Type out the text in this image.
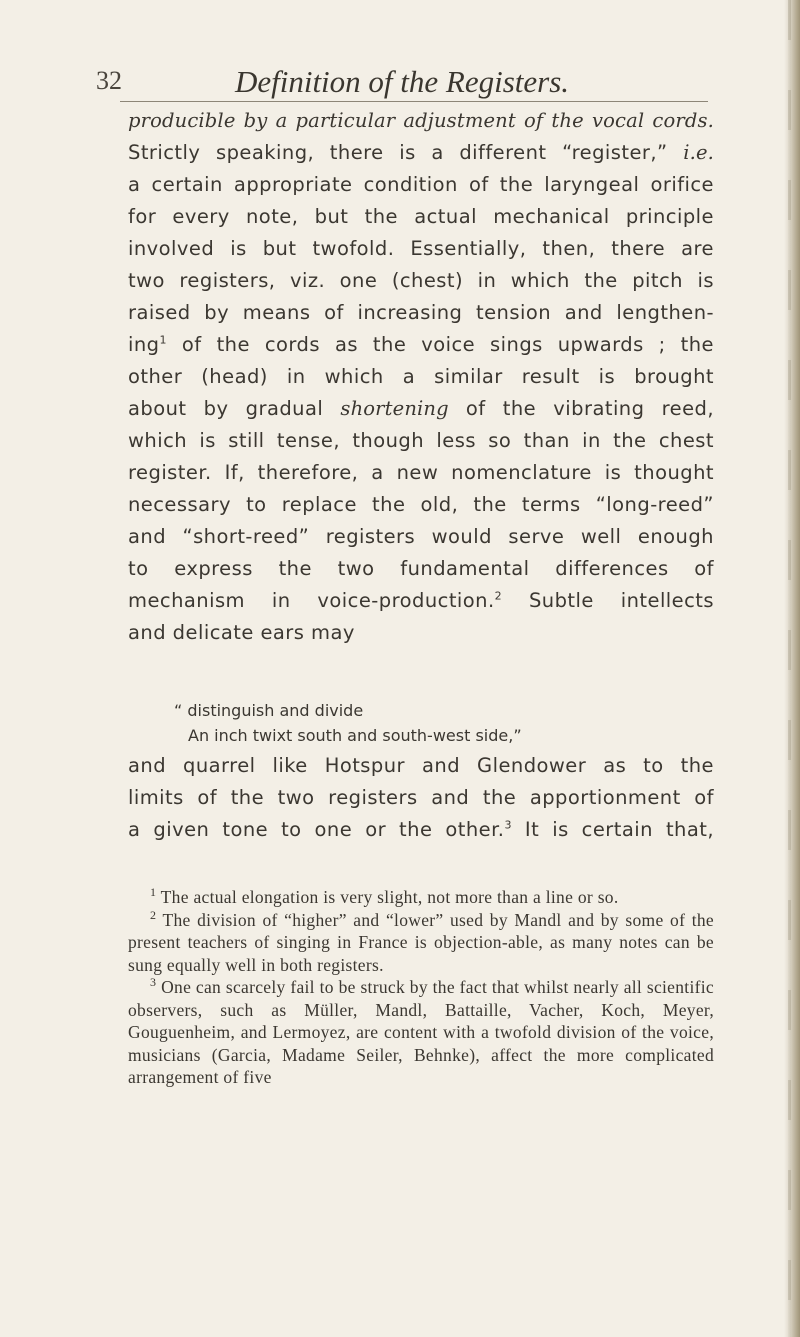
32	Definition of the Registers.

producible by a particular adjustment of the vocal cords.

Strictly speaking, there is a different “register,” i.e.

a certain appropriate condition of the laryngeal orifice

for every note, but the actual mechanical principle

involved is but twofold. Essentially, then, there are

two registers, viz. one (chest) in which the pitch is

raised by means of increasing tension and lengthen-

ing$^1$ of the cords as the voice sings upwards ; the

other (head) in which a similar result is brought

about by gradual shortening of the vibrating reed,

which is still tense, though less so than in the chest

register. If, therefore, a new nomenclature is thought

necessary to replace the old, the terms “long-reed”

and “short-reed” registers would serve well enough

to express the two fundamental differences of

mechanism in voice-production.$^2$ Subtle intellects

and delicate ears may

“ distinguish and divide
An inch twixt south and south-west side,”

and quarrel like Hotspur and Glendower as to the

limits of the two registers and the apportionment of

a given tone to one or the other.$^3$ It is certain that,

$^1$ The actual elongation is very slight, not more than a line or so.

$^2$ The division of “higher” and “lower” used by Mandl and by some of the present teachers of singing in France is objection-able, as many notes can be sung equally well in both registers.

$^3$ One can scarcely fail to be struck by the fact that whilst nearly all scientific observers, such as Müller, Mandl, Battaille, Vacher, Koch, Meyer, Gouguenheim, and Lermoyez, are content with a twofold division of the voice, musicians (Garcia, Madame Seiler, Behnke), affect the more complicated arrangement of five
